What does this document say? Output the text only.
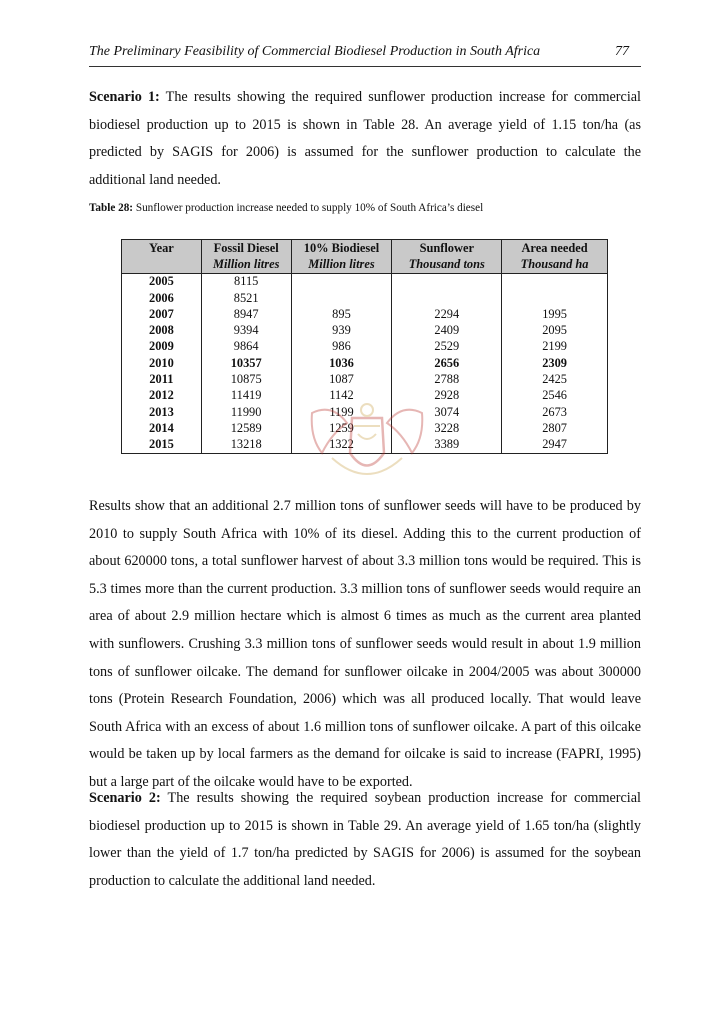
The Preliminary Feasibility of Commercial Biodiesel Production in South Africa	77

Scenario 1: The results showing the required sunflower production increase for commercial biodiesel production up to 2015 is shown in Table 28. An average yield of 1.15 ton/ha (as predicted by SAGIS for 2006) is assumed for the sunflower production to calculate the additional land needed.

Table 28: Sunflower production increase needed to supply 10% of South Africa’s diesel

Year	Fossil Diesel	10% Biodiesel	Sunflower	Area needed
	Million litres	Million litres	Thousand tons	Thousand ha
2005	8115			
2006	8521			
2007	8947	895	2294	1995
2008	9394	939	2409	2095
2009	9864	986	2529	2199
2010	10357	1036	2656	2309
2011	10875	1087	2788	2425
2012	11419	1142	2928	2546
2013	11990	1199	3074	2673
2014	12589	1259	3228	2807
2015	13218	1322	3389	2947

Results show that an additional 2.7 million tons of sunflower seeds will have to be produced by 2010 to supply South Africa with 10% of its diesel. Adding this to the current production of about 620000 tons, a total sunflower harvest of about 3.3 million tons would be required. This is 5.3 times more than the current production. 3.3 million tons of sunflower seeds would require an area of about 2.9 million hectare which is almost 6 times as much as the current area planted with sunflowers. Crushing 3.3 million tons of sunflower seeds would result in about 1.9 million tons of sunflower oilcake. The demand for sunflower oilcake in 2004/2005 was about 300000 tons (Protein Research Foundation, 2006) which was all produced locally. That would leave South Africa with an excess of about 1.6 million tons of sunflower oilcake. A part of this oilcake would be taken up by local farmers as the demand for oilcake is said to increase (FAPRI, 1995) but a large part of the oilcake would have to be exported.

Scenario 2: The results showing the required soybean production increase for commercial biodiesel production up to 2015 is shown in Table 29. An average yield of 1.65 ton/ha (slightly lower than the yield of 1.7 ton/ha predicted by SAGIS for 2006) is assumed for the soybean production to calculate the additional land needed.
